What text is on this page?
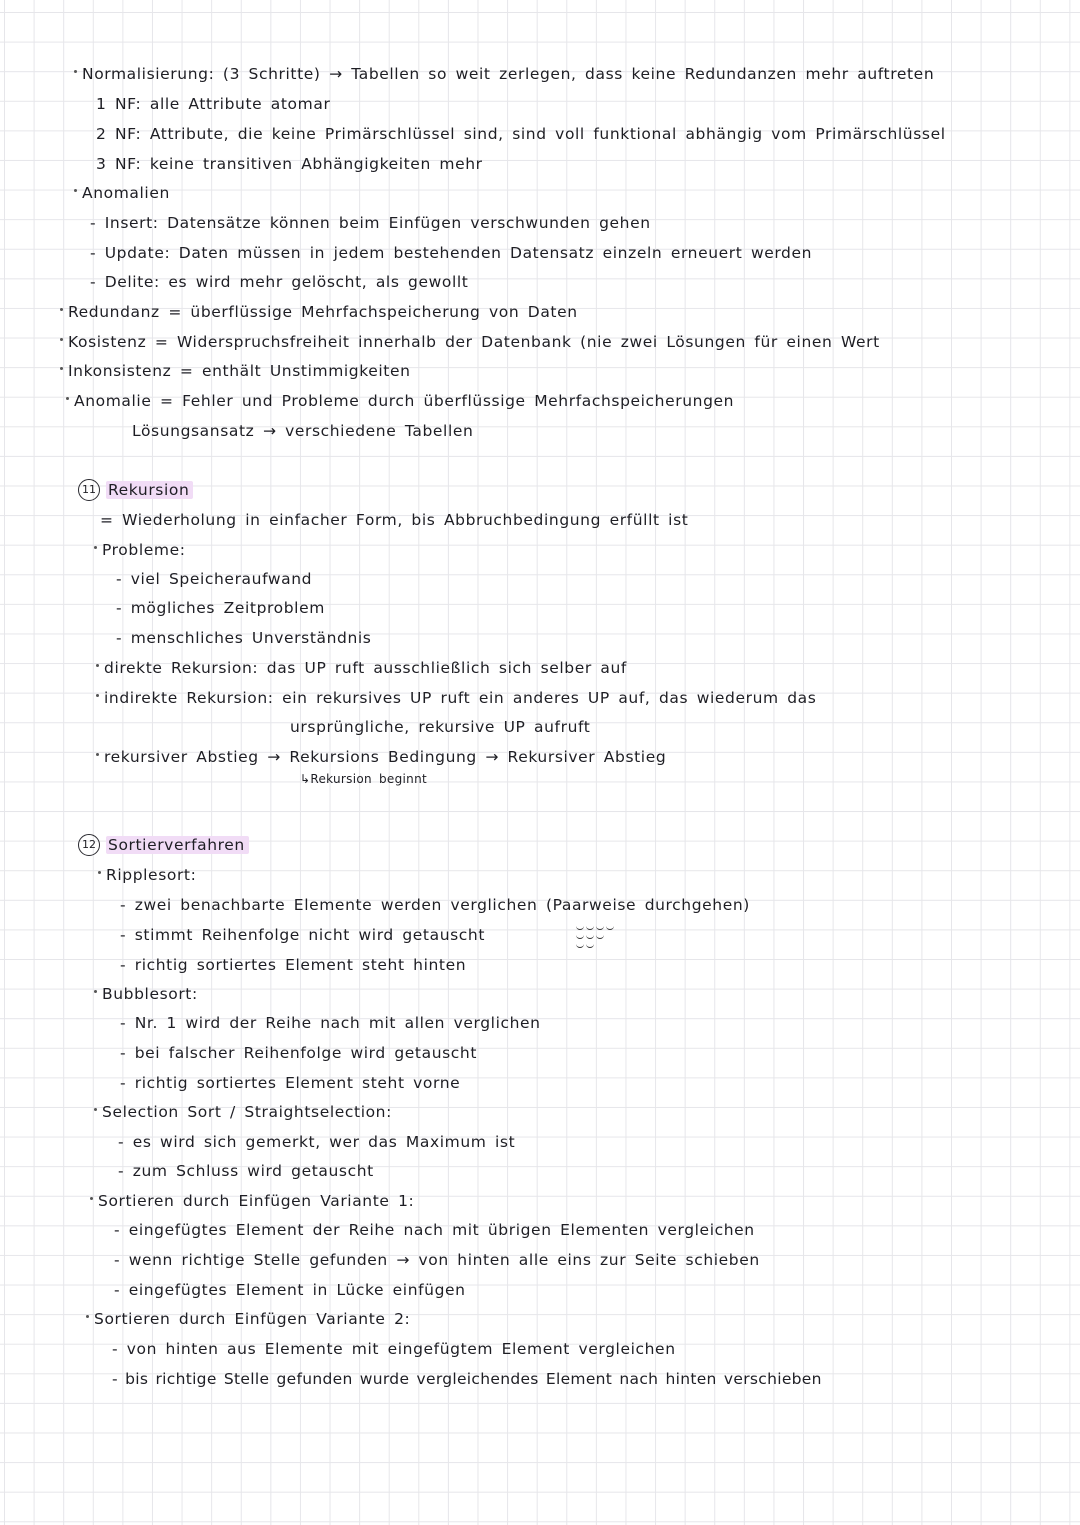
Normalisierung: (3 Schritte) → Tabellen so weit zerlegen, dass keine Redundanzen mehr auftreten
1 NF: alle Attribute atomar
2 NF: Attribute, die keine Primärschlüssel sind, sind voll funktional abhängig vom Primärschlüssel
3 NF: keine transitiven Abhängigkeiten mehr
Anomalien
- Insert: Datensätze können beim Einfügen verschwunden gehen
- Update: Daten müssen in jedem bestehenden Datensatz einzeln erneuert werden
- Delite: es wird mehr gelöscht, als gewollt
Redundanz = überflüssige Mehrfachspeicherung von Daten
Kosistenz = Widerspruchsfreiheit innerhalb der Datenbank (nie zwei Lösungen für einen Wert
Inkonsistenz = enthält Unstimmigkeiten
Anomalie = Fehler und Probleme durch überflüssige Mehrfachspeicherungen
Lösungsansatz → verschiedene Tabellen
11 Rekursion
= Wiederholung in einfacher Form, bis Abbruchbedingung erfüllt ist
Probleme:
- viel Speicheraufwand
- mögliches Zeitproblem
- menschliches Unverständnis
direkte Rekursion: das UP ruft ausschließlich sich selber auf
indirekte Rekursion: ein rekursives UP ruft ein anderes UP auf, das wiederum das
ursprüngliche, rekursive UP aufruft
rekursiver Abstieg → Rekursions Bedingung → Rekursiver Abstieg
↳Rekursion beginnt
12 Sortierverfahren
Ripplesort:
- zwei benachbarte Elemente werden verglichen (Paarweise durchgehen)
- stimmt Reihenfolge nicht wird getauscht

- richtig sortiertes Element steht hinten
Bubblesort:
- Nr. 1 wird der Reihe nach mit allen verglichen
- bei falscher Reihenfolge wird getauscht
- richtig sortiertes Element steht vorne
Selection Sort / Straightselection:
- es wird sich gemerkt, wer das Maximum ist
- zum Schluss wird getauscht
Sortieren durch Einfügen Variante 1:
- eingefügtes Element der Reihe nach mit übrigen Elementen vergleichen
- wenn richtige Stelle gefunden → von hinten alle eins zur Seite schieben
- eingefügtes Element in Lücke einfügen
Sortieren durch Einfügen Variante 2:
- von hinten aus Elemente mit eingefügtem Element vergleichen
- bis richtige Stelle gefunden wurde vergleichendes Element nach hinten verschieben
